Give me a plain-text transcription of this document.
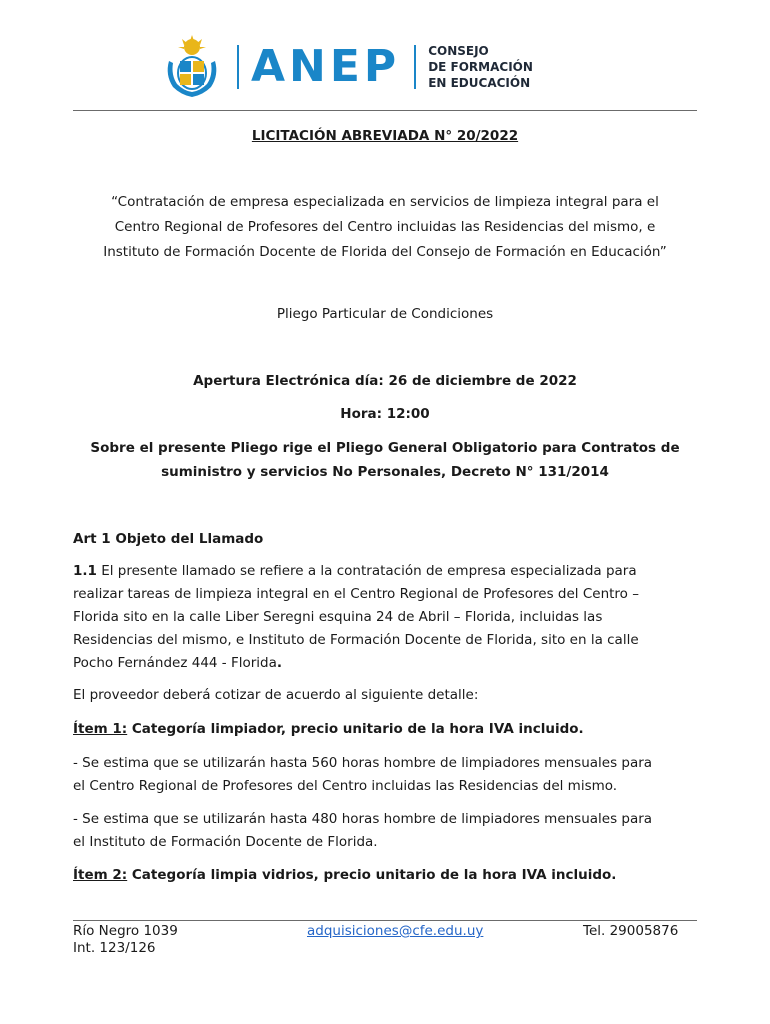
ANEP CONSEJO
DE FORMACIÓN
EN EDUCACIÓN
LICITACIÓN ABREVIADA N° 20/2022
“Contratación de empresa especializada en servicios de limpieza integral para el
Centro Regional de Profesores del Centro incluidas las Residencias del mismo, e
Instituto de Formación Docente de Florida del Consejo de Formación en Educación”
Pliego Particular de Condiciones
Apertura Electrónica día: 26 de diciembre de 2022
Hora: 12:00
Sobre el presente Pliego rige el Pliego General Obligatorio para Contratos de
suministro y servicios No Personales, Decreto N° 131/2014
Art 1 Objeto del Llamado
1.1 El presente llamado se refiere a la contratación de empresa especializada para
realizar tareas de limpieza integral en el Centro Regional de Profesores del Centro –
Florida sito en la calle Liber Seregni esquina 24 de Abril – Florida, incluidas las
Residencias del mismo, e Instituto de Formación Docente de Florida, sito en la calle
Pocho Fernández 444 - Florida.
El proveedor deberá cotizar de acuerdo al siguiente detalle:
Ítem 1: Categoría limpiador, precio unitario de la hora IVA incluido.
- Se estima que se utilizarán hasta 560 horas hombre de limpiadores mensuales para
el Centro Regional de Profesores del Centro incluidas las Residencias del mismo.
- Se estima que se utilizarán hasta 480 horas hombre de limpiadores mensuales para
el Instituto de Formación Docente de Florida.
Ítem 2: Categoría limpia vidrios, precio unitario de la hora IVA incluido.
Río Negro 1039
Int. 123/126
adquisiciones@cfe.edu.uy	Tel. 29005876
